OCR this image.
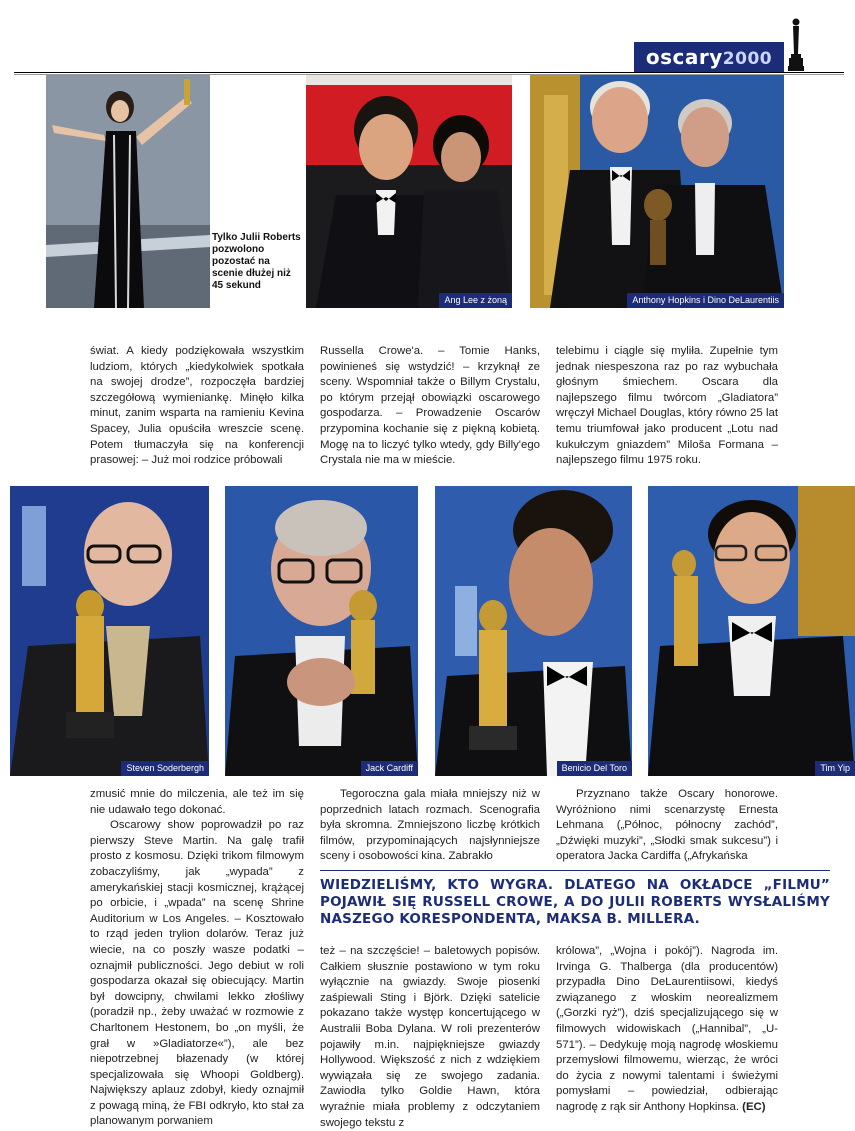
oscary2000
Tylko Julii Roberts pozwolono pozostać na scenie dłużej niż 45 sekund
Ang Lee z żoną	Anthony Hopkins i Dino DeLaurentiis
świat. A kiedy podziękowała wszystkim ludziom, których „kiedykolwiek spotkała na swojej drodze”, rozpoczęła bardziej szczegółową wymieniankę. Minęło kilka minut, zanim wsparta na ramieniu Kevina Spacey, Julia opuściła wreszcie scenę. Potem tłumaczyła się na konferencji prasowej: – Już moi rodzice próbowali
Russella Crowe'a. – Tomie Hanks, powinieneś się wstydzić! – krzyknął ze sceny. Wspomniał także o Billym Crystalu, po którym przejął obowiązki oscarowego gospodarza. – Prowadzenie Oscarów przypomina kochanie się z piękną kobietą. Mogę na to liczyć tylko wtedy, gdy Billy'ego Crystala nie ma w mieście.
telebimu i ciągle się myliła. Zupełnie tym jednak niespeszona raz po raz wybuchała głośnym śmiechem. Oscara dla najlepszego filmu twórcom „Gladiatora” wręczył Michael Douglas, który równo 25 lat temu triumfował jako producent „Lotu nad kukułczym gniazdem” Miloša Formana – najlepszego filmu 1975 roku.
Steven Soderbergh	Jack Cardiff	Benicio Del Toro	Tim Yip

zmusić mnie do milczenia, ale też im się nie udawało tego dokonać.

Oscarowy show poprowadził po raz pierwszy Steve Martin. Na galę trafił prosto z kosmosu. Dzięki trikom filmowym zobaczyliśmy, jak „wypada” z amerykańskiej stacji kosmicznej, krążącej po orbicie, i „wpada” na scenę Shrine Auditorium w Los Angeles. – Kosztowało to rząd jeden trylion dolarów. Teraz już wiecie, na co poszły wasze podatki – oznajmił publiczności. Jego debiut w roli gospodarza okazał się obiecujący. Martin był dowcipny, chwilami lekko złośliwy (poradził np., żeby uważać w rozmowie z Charltonem Hestonem, bo „on myśli, że grał w »Gladiatorze«”), ale bez niepotrzebnej błazenady (w której specjalizowała się Whoopi Goldberg). Największy aplauz zdobył, kiedy oznajmił z powagą miną, że FBI odkryło, kto stał za planowanym porwaniem

Tegoroczna gala miała mniejszy niż w poprzednich latach rozmach. Scenografia była skromna. Zmniejszono liczbę krótkich filmów, przypominających najsłynniejsze sceny i osobowości kina. Zabrakło
Przyznano także Oscary honorowe. Wyróżniono nimi scenarzystę Ernesta Lehmana („Północ, północny zachód”, „Dźwięki muzyki”, „Słodki smak sukcesu”) i operatora Jacka Cardiffa („Afrykańska
WIEDZIELIŚMY, KTO WYGRA. DLATEGO NA OKŁADCE „FILMU” POJAWIŁ SIĘ RUSSELL CROWE, A DO JULII ROBERTS WYSŁALIŚMY NASZEGO KORESPONDENTA, MAKSA B. MILLERA.
też – na szczęście! – baletowych popisów. Całkiem słusznie postawiono w tym roku wyłącznie na gwiazdy. Swoje piosenki zaśpiewali Sting i Björk. Dzięki satelicie pokazano także występ koncertującego w Australii Boba Dylana. W roli prezenterów pojawiły m.in. najpiękniejsze gwiazdy Hollywood. Większość z nich z wdziękiem wywiązała się ze swojego zadania. Zawiodła tylko Goldie Hawn, która wyraźnie miała problemy z odczytaniem swojego tekstu z
królowa”, „Wojna i pokój”). Nagroda im. Irvinga G. Thalberga (dla producentów) przypadła Dino DeLaurentiisowi, kiedyś związanego z włoskim neorealizmem („Gorzki ryż”), dziś specjalizującego się w filmowych widowiskach („Hannibal”, „U-571”). – Dedykuję moją nagrodę włoskiemu przemysłowi filmowemu, wierząc, że wróci do życia z nowymi talentami i świeżymi pomysłami – powiedział, odbierając nagrodę z rąk sir Anthony Hopkinsa. (EC)
